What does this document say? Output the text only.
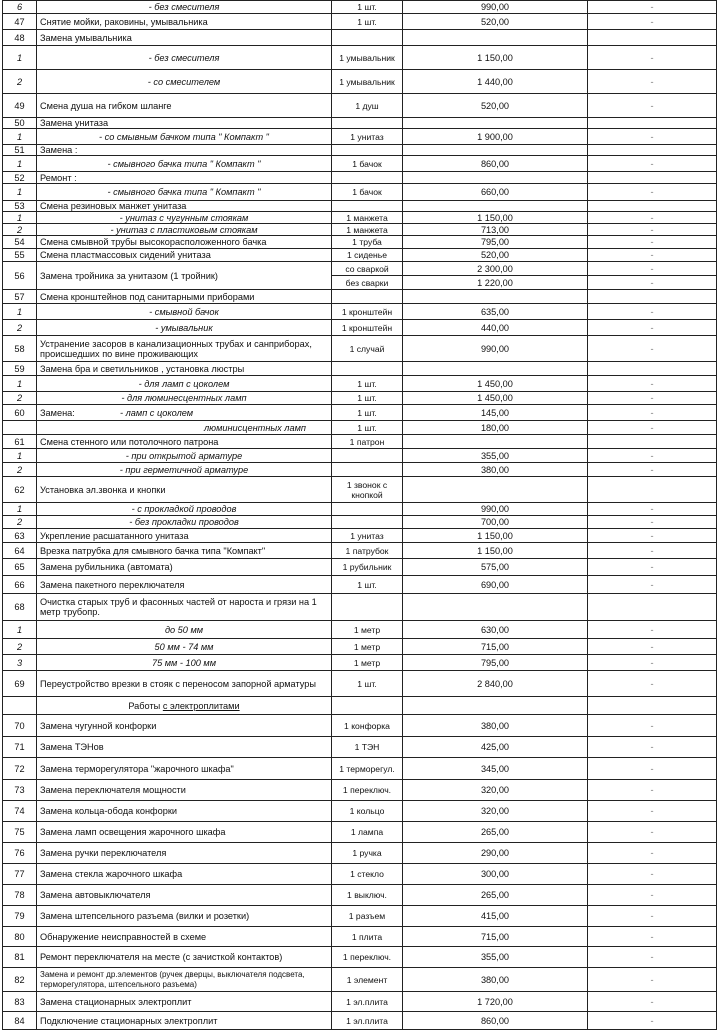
6	- без смесителя	1 шт.	990,00	-
47	Снятие мойки, раковины, умывальника	1 шт.	520,00	-
48	Замена умывальника			
1	- без смесителя	1 умывальник	1 150,00	-
2	- со смесителем	1 умывальник	1 440,00	-
49	Смена душа на гибком шланге	1 душ	520,00	-
50	Замена унитаза			
1	- со смывным бачком типа " Компакт "	1 унитаз	1 900,00	-
51	Замена :			
1	- смывного бачка типа " Компакт "	1 бачок	860,00	-
52	Ремонт :			
1	- смывного бачка типа " Компакт "	1 бачок	660,00	-
53	Смена резиновых манжет унитаза			
1	- унитаз с чугунным стоякам	1 манжета	1 150,00	-
2	- унитаз с пластиковым стоякам	1 манжета	713,00	-
54	Смена смывной трубы высокорасположенного бачка	1 труба	795,00	-
55	Смена пластмассовых сидений унитаза	1 сиденье	520,00	-
56	Замена тройника за унитазом (1 тройник)	со сваркой	2 300,00	-
		без сварки	1 220,00	-
57	Смена кронштейнов под санитарными приборами			
1	- смывной бачок	1 кронштейн	635,00	-
2	- умывальник	1 кронштейн	440,00	-
58	Устранение засоров в канализационных трубах и санприборах, происшедших по вине проживающих	1 случай	990,00	-
59	Замена бра и светильников , установка люстры			
1	- для ламп с цоколем	1 шт.	1 450,00	-
2	- для люминесцентных ламп	1 шт.	1 450,00	-
60	Замена: - ламп с цоколем	1 шт.	145,00	-
	люминисцентных ламп	1 шт.	180,00	-
61	Смена стенного или потолочного патрона	1 патрон		
1	- при открытой арматуре		355,00	-
2	- при герметичной арматуре		380,00	-
62	Установка эл.звонка и кнопки	1 звонок с кнопкой		
1	- с прокладкой проводов		990,00	-
2	- без прокладки проводов		700,00	-
63	Укрепление расшатанного унитаза	1 унитаз	1 150,00	-
64	Врезка патрубка для смывного бачка типа "Компакт"	1 патрубок	1 150,00	-
65	Замена рубильника (автомата)	1 рубильник	575,00	-
66	Замена пакетного переключателя	1 шт.	690,00	-
68	Очистка старых труб и фасонных частей от нароста и грязи на 1 метр трубопр.			
1	до 50 мм	1 метр	630,00	-
2	50 мм - 74 мм	1 метр	715,00	-
3	75 мм - 100 мм	1 метр	795,00	-
69	Переустройство врезки в стояк с переносом запорной арматуры	1 шт.	2 840,00	-
	Работы с электроплитами			
70	Замена чугунной конфорки	1 конфорка	380,00	-
71	Замена ТЭНов	1 ТЭН	425,00	-
72	Замена терморегулятора "жарочного шкафа"	1 терморегул.	345,00	-
73	Замена переключателя мощности	1 переключ.	320,00	-
74	Замена кольца-обода конфорки	1 кольцо	320,00	-
75	Замена ламп освещения жарочного шкафа	1 лампа	265,00	-
76	Замена ручки переключателя	1 ручка	290,00	-
77	Замена стекла жарочного шкафа	1 стекло	300,00	-
78	Замена автовыключателя	1 выключ.	265,00	-
79	Замена штепсельного разъема (вилки и розетки)	1 разъем	415,00	-
80	Обнаружение неисправностей в схеме	1 плита	715,00	-
81	Ремонт переключателя на месте (с зачисткой контактов)	1 переключ.	355,00	-
82	Замена и ремонт др.элементов (ручек дверцы, выключателя подсвета, терморегулятора, штепсельного разъема)	1 элемент	380,00	-
83	Замена стационарных электроплит	1 эл.плита	1 720,00	-
84	Подключение стационарных электроплит	1 эл.плита	860,00	-
